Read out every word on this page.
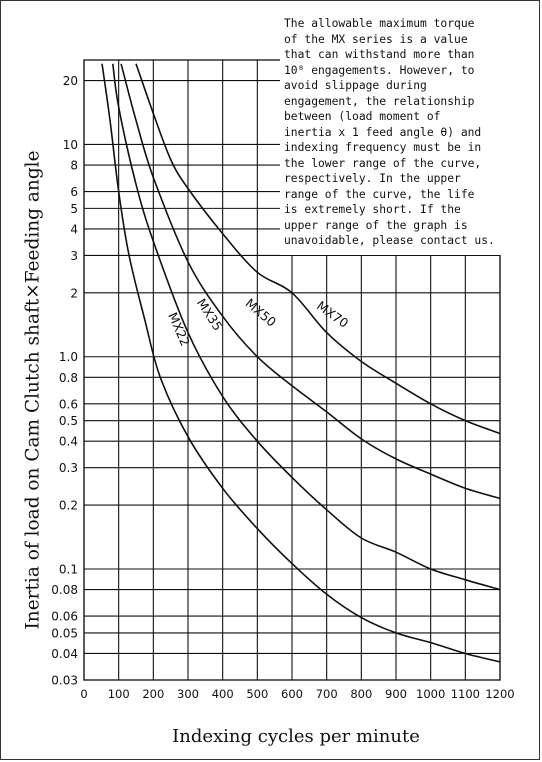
0 100 200 300 400 500 600 700 800 900 1000 1100 1200
0.03
0.04
0.05
0.06
0.08
0.1
0.2
0.3
0.4
0.5
0.6
0.8
1.0
2
3
4
5
6
8
10
20
MX22 MX35 MX50	MX70
The allowable maximum torque
of the MX series is a value
that can withstand more than
10⁸ engagements. However, to
avoid slippage during
engagement, the relationship
between (load moment of
inertia x 1 feed angle θ) and
indexing frequency must be in
the lower range of the curve,
respectively. In the upper
range of the curve, the life
is extremely short. If the
upper range of the graph is
unavoidable, please contact us.
Inertia of load on Cam Clutch shaft×Feeding angle
Indexing cycles per minute
